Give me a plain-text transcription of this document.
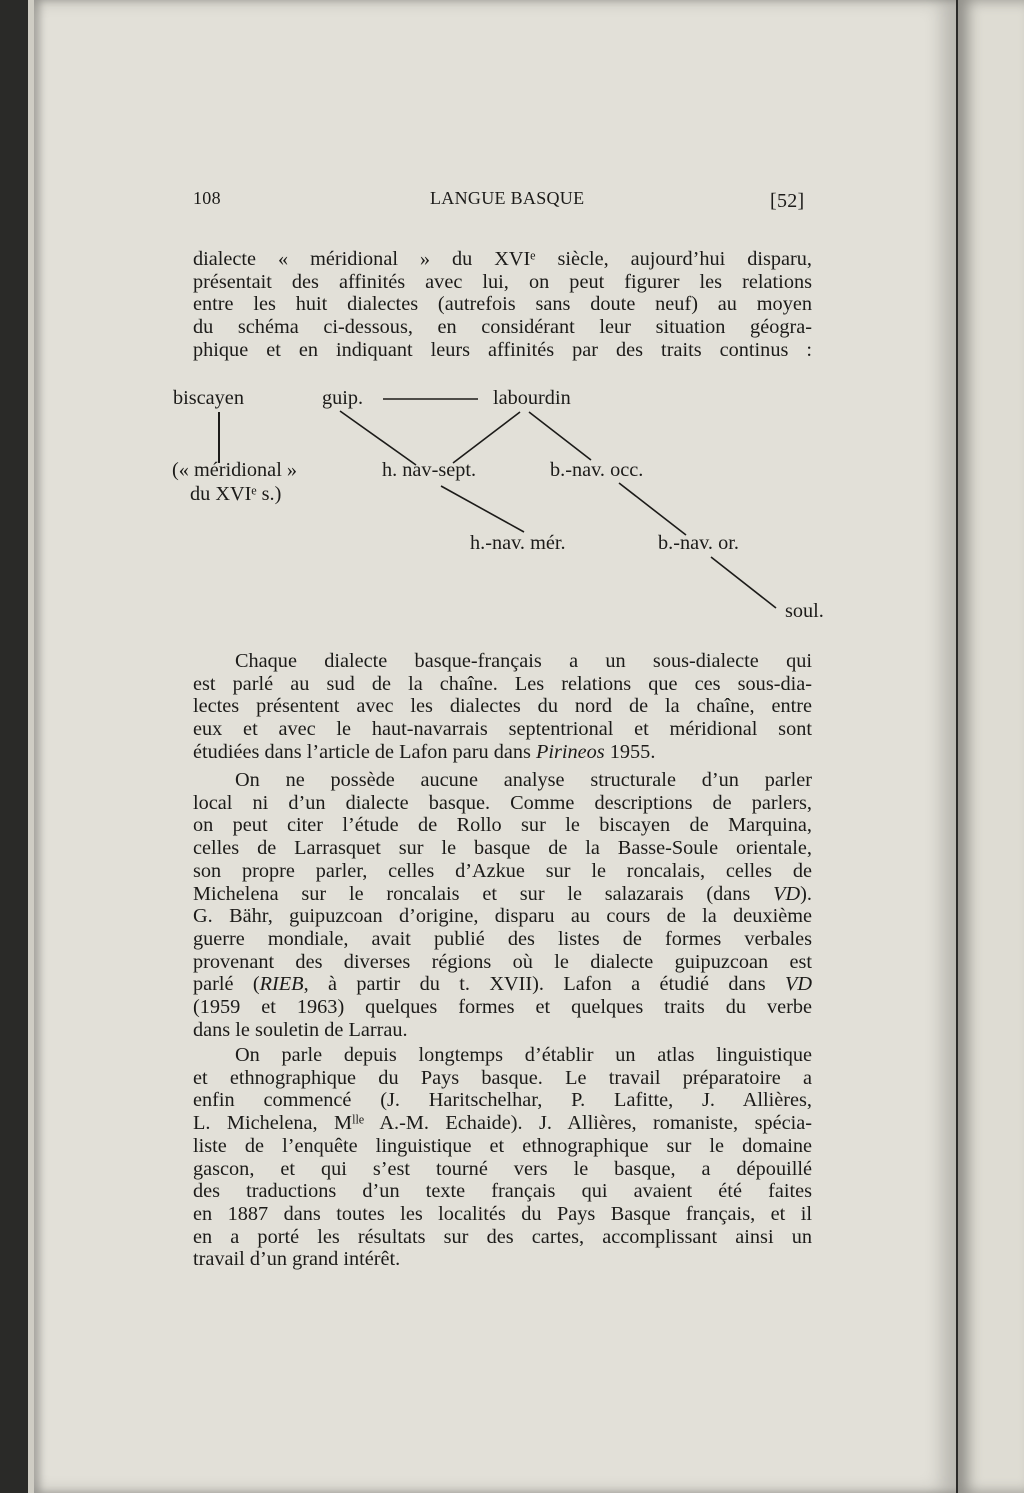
108	LANGUE BASQUE	[52]
dialecte « méridional » du XVIᵉ siècle, aujourd’hui disparu,
présentait des affinités avec lui, on peut figurer les relations
entre les huit dialectes (autrefois sans doute neuf) au moyen
du schéma ci-dessous, en considérant leur situation géogra-
phique et en indiquant leurs affinités par des traits continus :
Chaque dialecte basque-français a un sous-dialecte qui
est parlé au sud de la chaîne. Les relations que ces sous-dia-
lectes présentent avec les dialectes du nord de la chaîne, entre
eux et avec le haut-navarrais septentrional et méridional sont
étudiées dans l’article de Lafon paru dans Pirineos 1955.
On ne possède aucune analyse structurale d’un parler
local ni d’un dialecte basque. Comme descriptions de parlers,
on peut citer l’étude de Rollo sur le biscayen de Marquina,
celles de Larrasquet sur le basque de la Basse-Soule orientale,
son propre parler, celles d’Azkue sur le roncalais, celles de
Michelena sur le roncalais et sur le salazarais (dans VD).
G. Bähr, guipuzcoan d’origine, disparu au cours de la deuxième
guerre mondiale, avait publié des listes de formes verbales
provenant des diverses régions où le dialecte guipuzcoan est
parlé (RIEB, à partir du t. XVII). Lafon a étudié dans VD
(1959 et 1963) quelques formes et quelques traits du verbe
dans le souletin de Larrau.
On parle depuis longtemps d’établir un atlas linguistique
et ethnographique du Pays basque. Le travail préparatoire a
enfin commencé (J. Haritschelhar, P. Lafitte, J. Allières,
L. Michelena, Mˡˡᵉ A.-M. Echaide). J. Allières, romaniste, spécia-
liste de l’enquête linguistique et ethnographique sur le domaine
gascon, et qui s’est tourné vers le basque, a dépouillé
des traductions d’un texte français qui avaient été faites
en 1887 dans toutes les localités du Pays Basque français, et il
en a porté les résultats sur des cartes, accomplissant ainsi un
travail d’un grand intérêt.
biscayen	guip.	labourdin
(« méridional »
du XVIᵉ s.)
h. nav-sept.	b.-nav. occ.
h.-nav. mér.	b.-nav. or.
soul.
